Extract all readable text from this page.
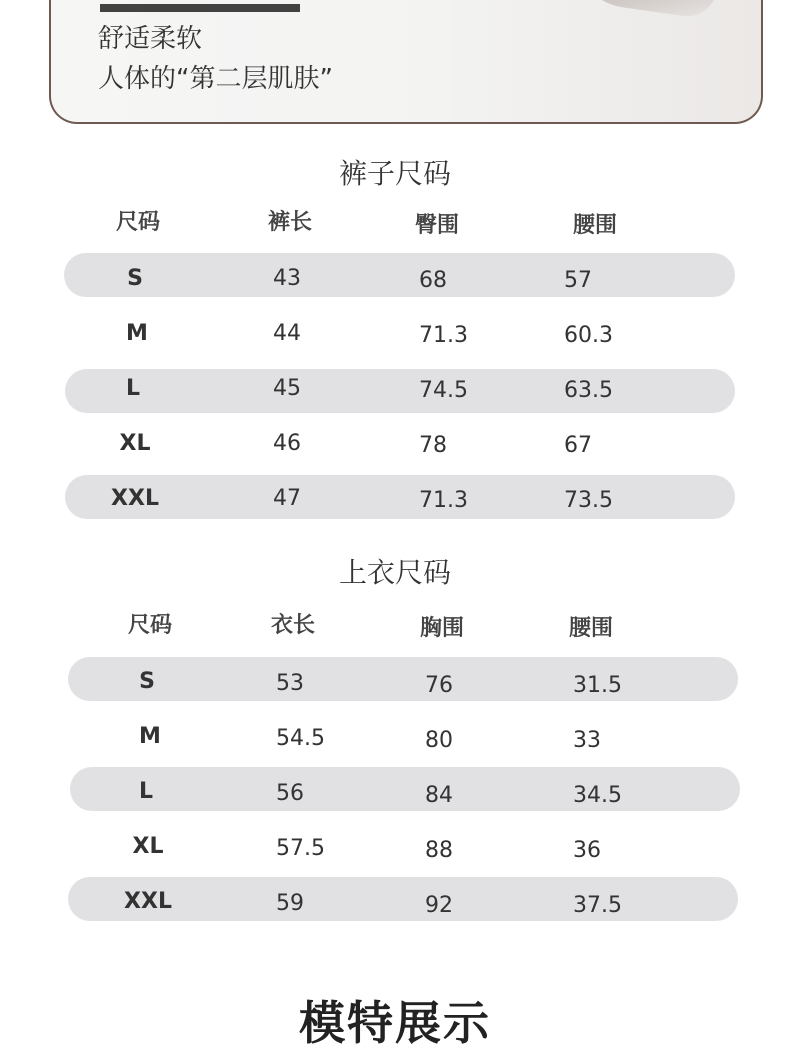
舒适柔软
人体的“第二层肌肤”
裤子尺码
尺码	裤长	臀围	腰围
S	43	68	57
M	44	71.3	60.3
L	45	74.5	63.5
XL	46	78	67
XXL	47	71.3	73.5
上衣尺码
尺码	衣长	胸围	腰围
S	53	76	31.5
M	54.5	80	33
L	56	84	34.5
XL	57.5	88	36
XXL	59	92	37.5
模特展示
